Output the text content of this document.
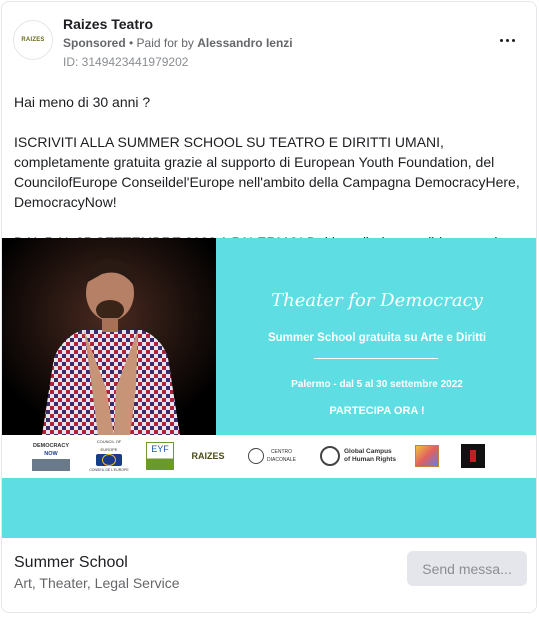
RAIZES
Raizes Teatro
Sponsored • Paid for by Alessandro Ienzi
ID: 3149423441979202

Hai meno di 30 anni ?

ISCRIVITI ALLA SUMMER SCHOOL SU TEATRO E DIRITTI UMANI, completamente gratuita grazie al supporto di European Youth Foundation, del CouncilofEurope Conseildel'Europe nell'ambito della Campagna DemocracyHere, DemocracyNow!

Theater for Democracy
Summer School gratuita su Arte e Diritti
Palermo - dal 5 al 30 settembre 2022
PARTECIPA ORA !
DEMOCRACY
NOW
COUNCIL OF EUROPE
CONSEIL DE L'EUROPE
EYF
RAIZES	CENTRO
DIACONALE
Global Campus
of Human Rights
Summer School
Art, Theater, Legal Service
Send messa...
